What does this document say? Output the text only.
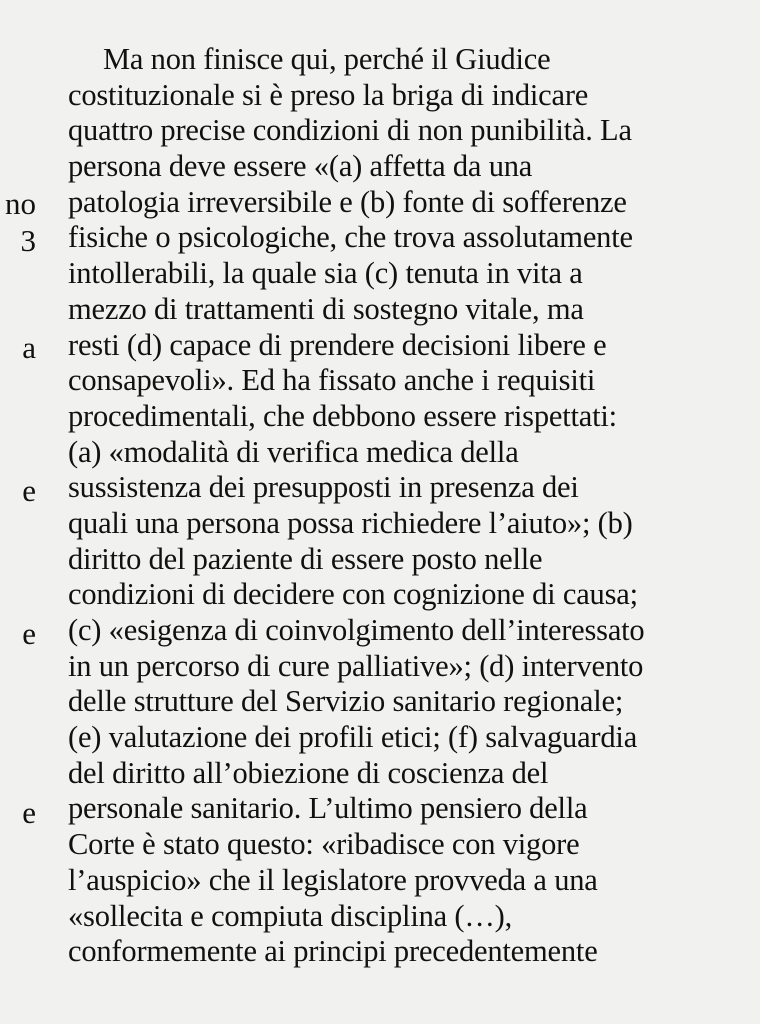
no
3
a
e
e
e
Ma non finisce qui, perché il Giudice
costituzionale si è preso la briga di indicare
quattro precise condizioni di non punibilità. La
persona deve essere «(a) affetta da una
patologia irreversibile e (b) fonte di sofferenze
fisiche o psicologiche, che trova assolutamente
intollerabili, la quale sia (c) tenuta in vita a
mezzo di trattamenti di sostegno vitale, ma
resti (d) capace di prendere decisioni libere e
consapevoli». Ed ha fissato anche i requisiti
procedimentali, che debbono essere rispettati:
(a) «modalità di verifica medica della
sussistenza dei presupposti in presenza dei
quali una persona possa richiedere l’aiuto»; (b)
diritto del paziente di essere posto nelle
condizioni di decidere con cognizione di causa;
(c) «esigenza di coinvolgimento dell’interessato
in un percorso di cure palliative»; (d) intervento
delle strutture del Servizio sanitario regionale;
(e) valutazione dei profili etici; (f) salvaguardia
del diritto all’obiezione di coscienza del
personale sanitario. L’ultimo pensiero della
Corte è stato questo: «ribadisce con vigore
l’auspicio» che il legislatore provveda a una
«sollecita e compiuta disciplina (…),
conformemente ai principi precedentemente
